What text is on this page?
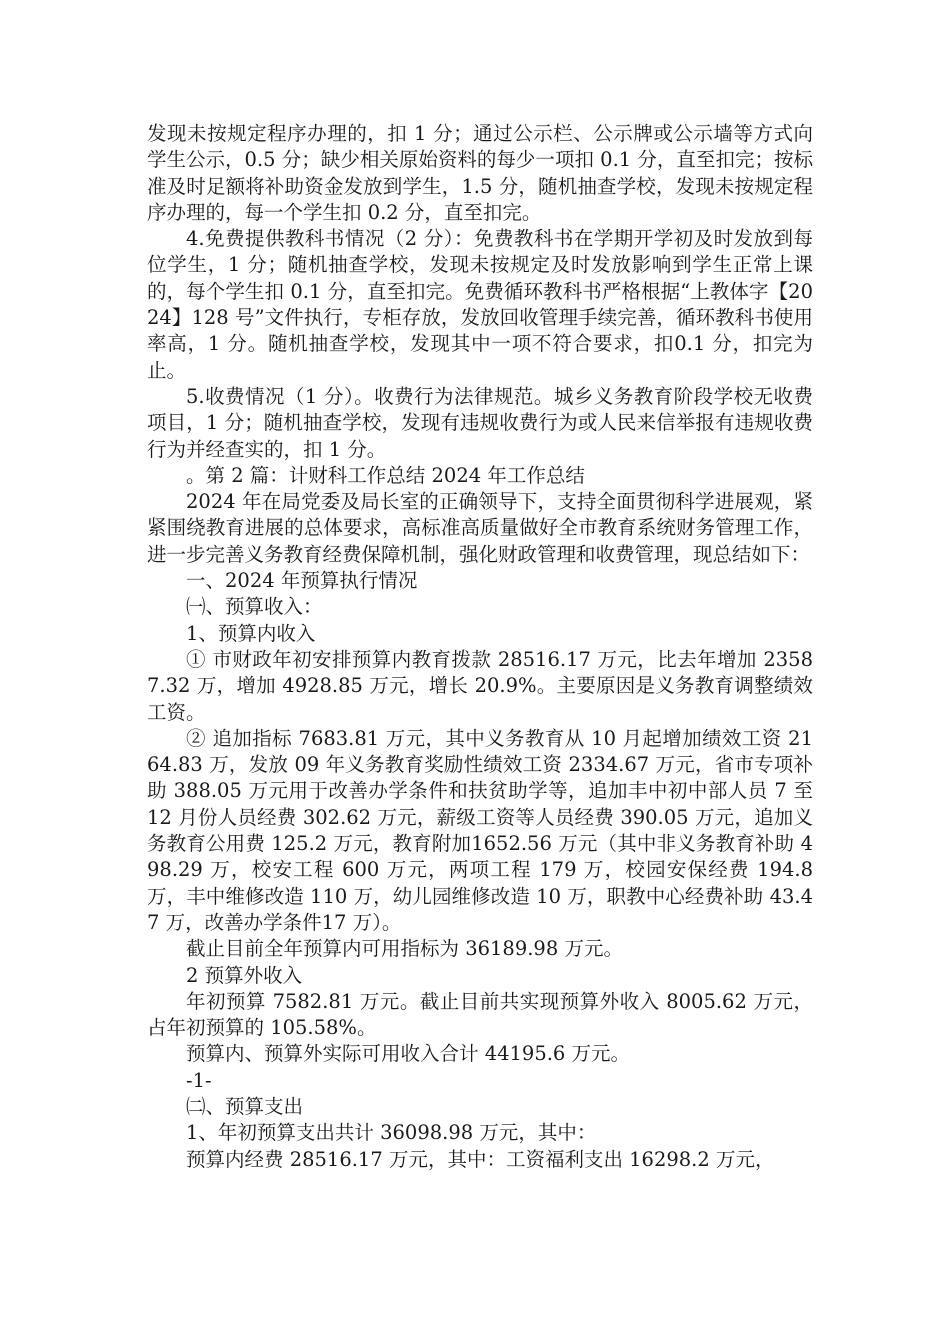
发现未按规定程序办理的，扣 1 分；通过公示栏、公示牌或公示墙等方式向学生公示，0.5 分；缺少相关原始资料的每少一项扣 0.1 分，直至扣完；按标准及时足额将补助资金发放到学生，1.5 分，随机抽查学校，发现未按规定程序办理的，每一个学生扣 0.2 分，直至扣完。

4.免费提供教科书情况（2 分）：免费教科书在学期开学初及时发放到每位学生，1 分；随机抽查学校，发现未按规定及时发放影响到学生正常上课的，每个学生扣 0.1 分，直至扣完。免费循环教科书严格根据“上教体字【2024】128 号”文件执行，专柜存放，发放回收管理手续完善，循环教科书使用率高，1 分。随机抽查学校，发现其中一项不符合要求，扣0.1 分，扣完为止。

5.收费情况（1 分）。收费行为法律规范。城乡义务教育阶段学校无收费项目，1 分；随机抽查学校，发现有违规收费行为或人民来信举报有违规收费行为并经查实的，扣 1 分。

。第 2 篇：计财科工作总结 2024 年工作总结

2024 年在局党委及局长室的正确领导下，支持全面贯彻科学进展观，紧紧围绕教育进展的总体要求，高标准高质量做好全市教育系统财务管理工作，进一步完善义务教育经费保障机制，强化财政管理和收费管理，现总结如下：

一、2024 年预算执行情况

㈠、预算收入：

1、预算内收入

① 市财政年初安排预算内教育拨款 28516.17 万元，比去年增加 23587.32 万，增加 4928.85 万元，增长 20.9%。主要原因是义务教育调整绩效工资。

② 追加指标 7683.81 万元，其中义务教育从 10 月起增加绩效工资 2164.83 万，发放 09 年义务教育奖励性绩效工资 2334.67 万元，省市专项补助 388.05 万元用于改善办学条件和扶贫助学等，追加丰中初中部人员 7 至 12 月份人员经费 302.62 万元，薪级工资等人员经费 390.05 万元，追加义务教育公用费 125.2 万元，教育附加1652.56 万元（其中非义务教育补助 498.29 万，校安工程 600 万元，两项工程 179 万，校园安保经费 194.8 万，丰中维修改造 110 万，幼儿园维修改造 10 万，职教中心经费补助 43.47 万，改善办学条件17 万）。

截止目前全年预算内可用指标为 36189.98 万元。

2 预算外收入

年初预算 7582.81 万元。截止目前共实现预算外收入 8005.62 万元，占年初预算的 105.58%。

预算内、预算外实际可用收入合计 44195.6 万元。

-1-

㈡、预算支出

1、年初预算支出共计 36098.98 万元，其中：

预算内经费 28516.17 万元，其中：工资福利支出 16298.2 万元，
